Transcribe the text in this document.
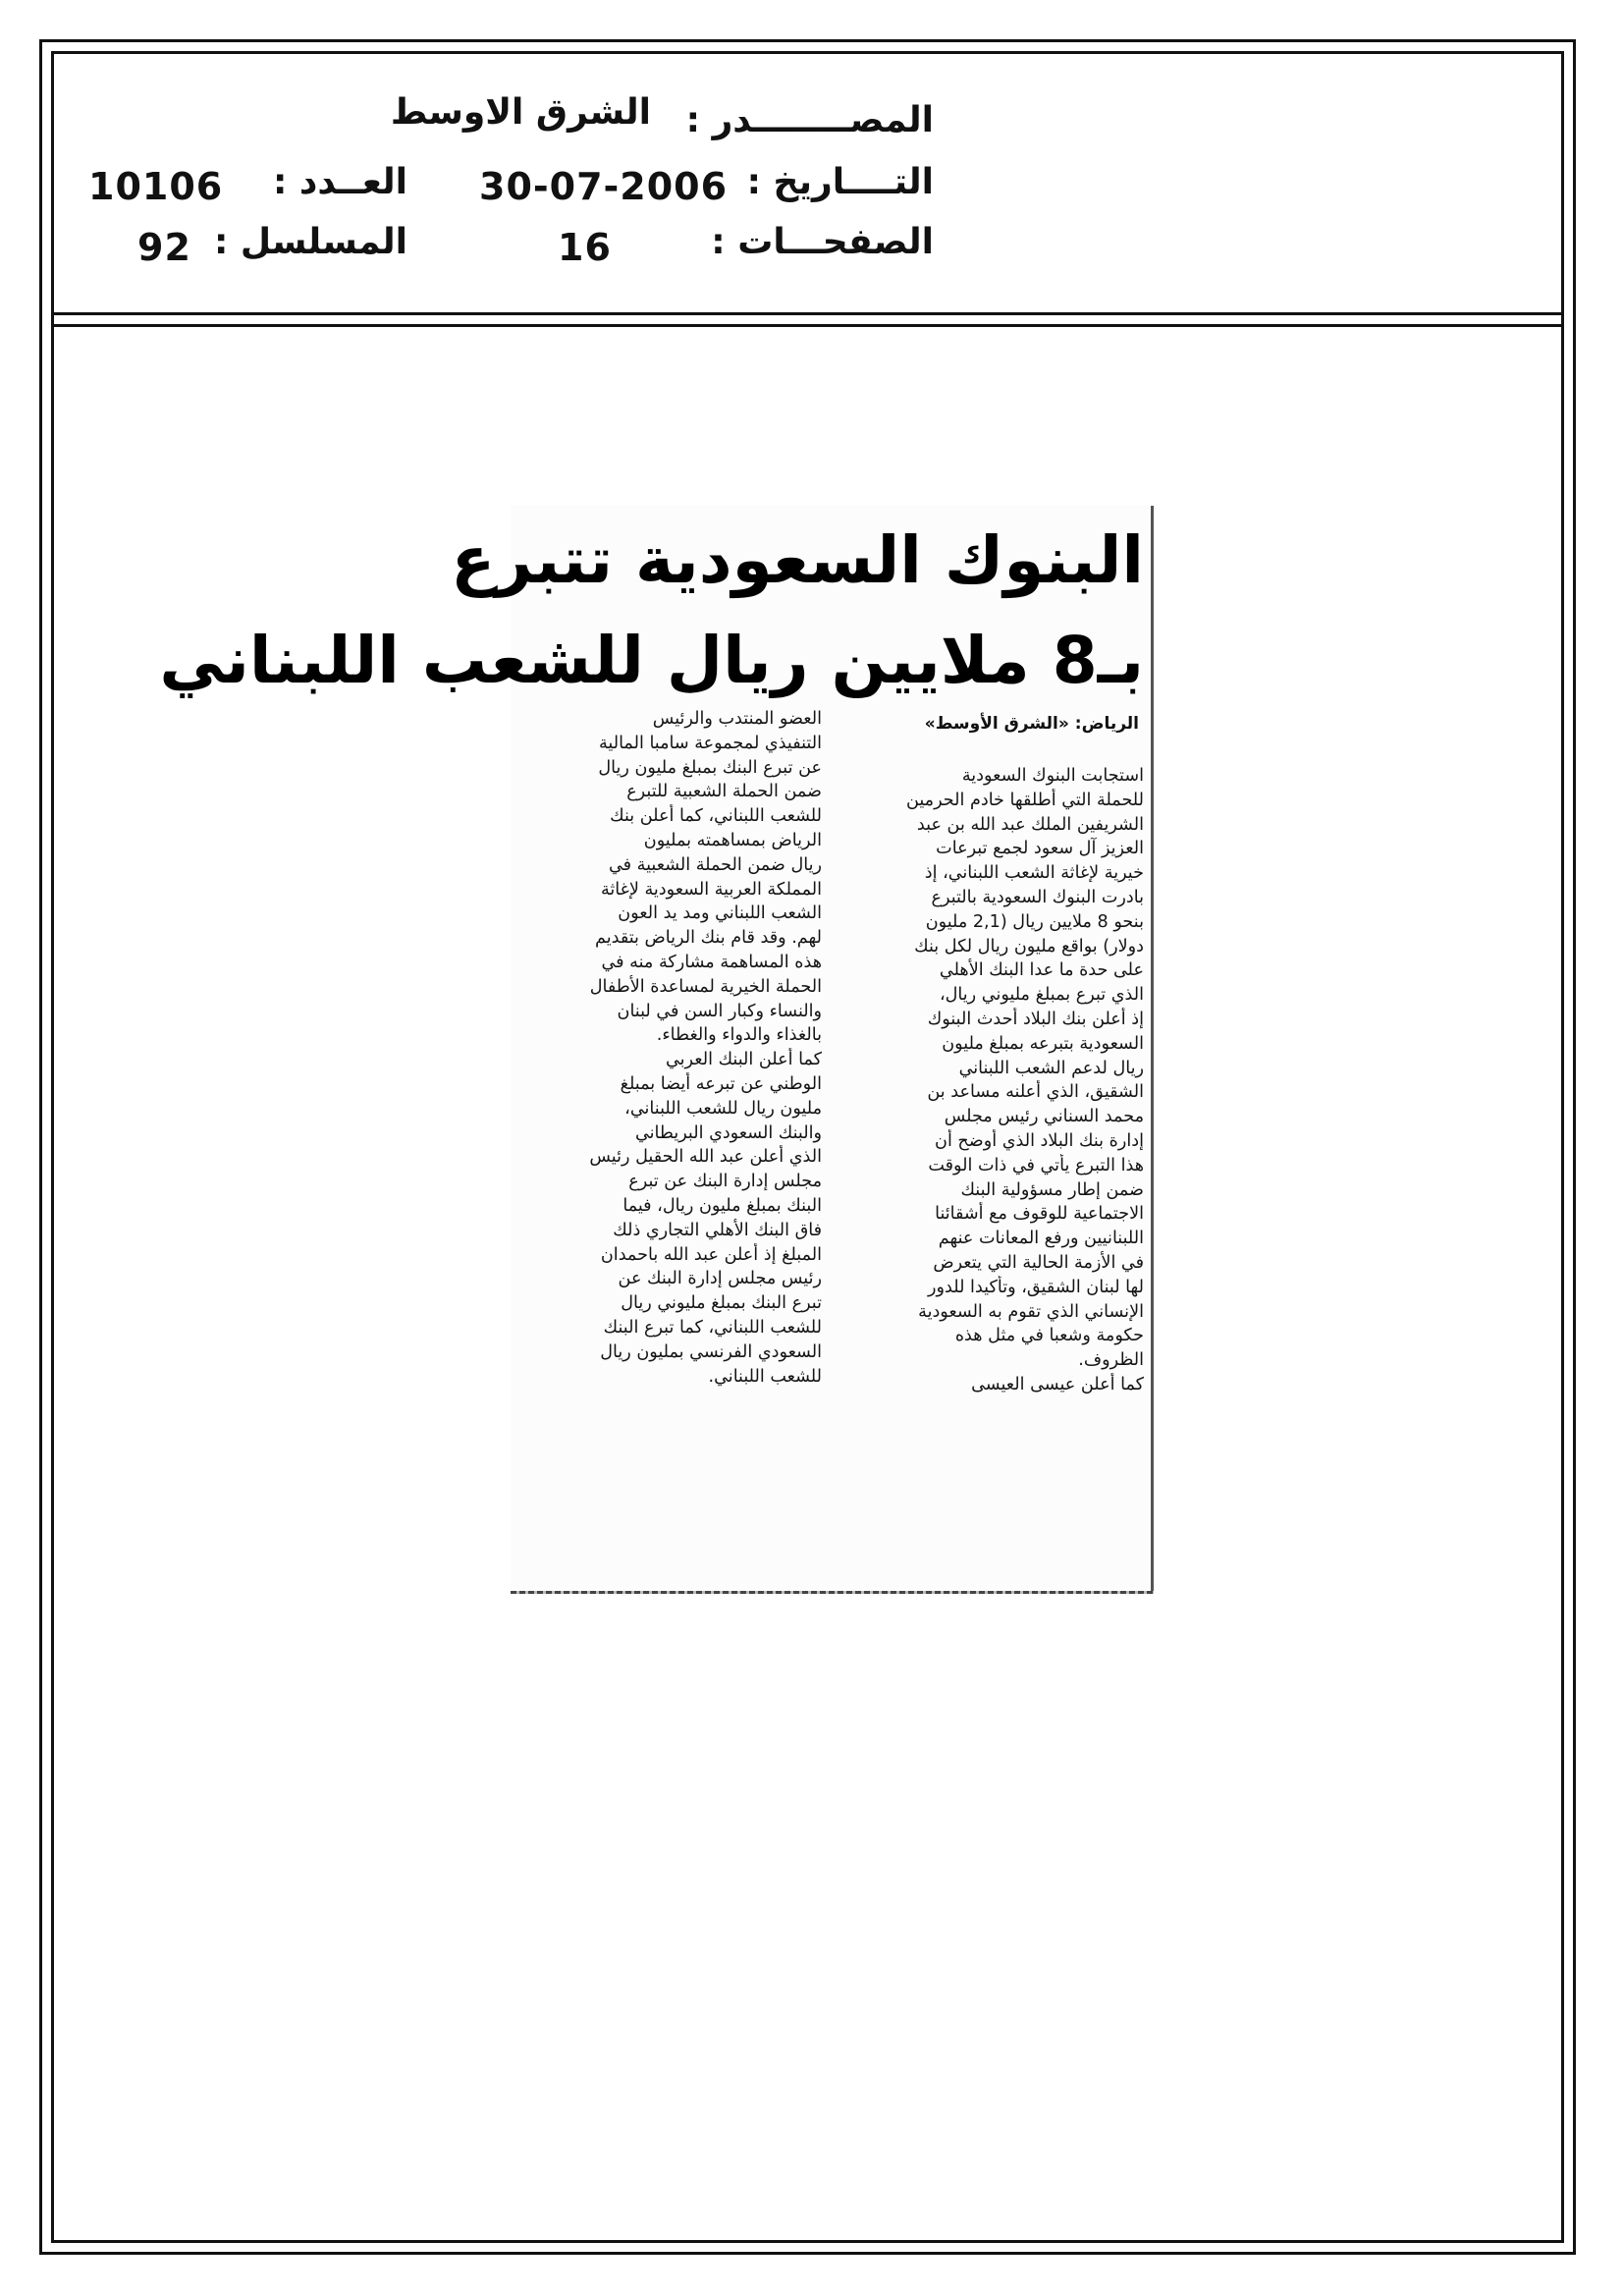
المصــــــــدر :
الشرق الاوسط
التــــاريخ :
30-07-2006
العــدد :
10106
الصفحـــات :
16
المسلسل :
92
البنوك السعودية تتبرع
بـ8 ملايين ريال للشعب اللبناني
الرياض: «الشرق الأوسط»
استجابت البنوك السعودية
للحملة التي أطلقها خادم الحرمين
الشريفين الملك عبد الله بن عبد
العزيز آل سعود لجمع تبرعات
خيرية لإغاثة الشعب اللبناني، إذ
بادرت البنوك السعودية بالتبرع
بنحو 8 ملايين ريال (2,1 مليون
دولار) بواقع مليون ريال لكل بنك
على حدة ما عدا البنك الأهلي
الذي تبرع بمبلغ مليوني ريال،
إذ أعلن بنك البلاد أحدث البنوك
السعودية بتبرعه بمبلغ مليون
ريال لدعم الشعب اللبناني
الشقيق، الذي أعلنه مساعد بن
محمد السناني رئيس مجلس
إدارة بنك البلاد الذي أوضح أن
هذا التبرع يأتي في ذات الوقت
ضمن إطار مسؤولية البنك
الاجتماعية للوقوف مع أشقائنا
اللبنانيين ورفع المعانات عنهم
في الأزمة الحالية التي يتعرض
لها لبنان الشقيق، وتأكيدا للدور
الإنساني الذي تقوم به السعودية
حكومة وشعبا في مثل هذه
الظروف.
كما أعلن عيسى العيسى
العضو المنتدب والرئيس
التنفيذي لمجموعة سامبا المالية
عن تبرع البنك بمبلغ مليون ريال
ضمن الحملة الشعبية للتبرع
للشعب اللبناني، كما أعلن بنك
الرياض بمساهمته بمليون
ريال ضمن الحملة الشعبية في
المملكة العربية السعودية لإغاثة
الشعب اللبناني ومد يد العون
لهم. وقد قام بنك الرياض بتقديم
هذه المساهمة مشاركة منه في
الحملة الخيرية لمساعدة الأطفال
والنساء وكبار السن في لبنان
بالغذاء والدواء والغطاء.
كما أعلن البنك العربي
الوطني عن تبرعه أيضا بمبلغ
مليون ريال للشعب اللبناني،
والبنك السعودي البريطاني
الذي أعلن عبد الله الحقيل رئيس
مجلس إدارة البنك عن تبرع
البنك بمبلغ مليون ريال، فيما
فاق البنك الأهلي التجاري ذلك
المبلغ إذ أعلن عبد الله باحمدان
رئيس مجلس إدارة البنك عن
تبرع البنك بمبلغ مليوني ريال
للشعب اللبناني، كما تبرع البنك
السعودي الفرنسي بمليون ريال
للشعب اللبناني.
